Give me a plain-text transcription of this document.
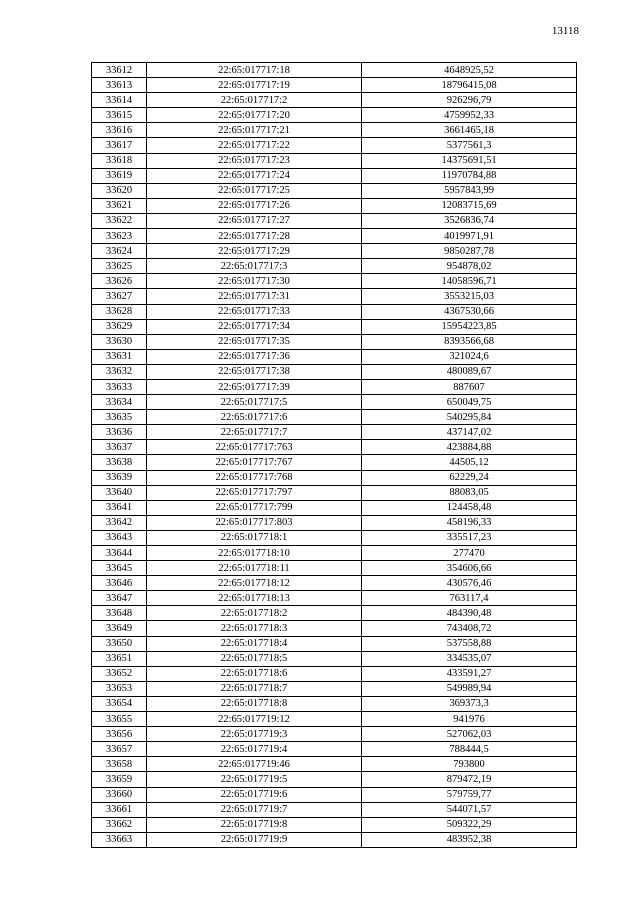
13118
33612	22:65:017717:18	4648925,52
33613	22:65:017717:19	18796415,08
33614	22:65:017717:2	926296,79
33615	22:65:017717:20	4759952,33
33616	22:65:017717:21	3661465,18
33617	22:65:017717:22	5377561,3
33618	22:65:017717:23	14375691,51
33619	22:65:017717:24	11970784,88
33620	22:65:017717:25	5957843,99
33621	22:65:017717:26	12083715,69
33622	22:65:017717:27	3526836,74
33623	22:65:017717:28	4019971,91
33624	22:65:017717:29	9850287,78
33625	22:65:017717:3	954878,02
33626	22:65:017717:30	14058596,71
33627	22:65:017717:31	3553215,03
33628	22:65:017717:33	4367530,66
33629	22:65:017717:34	15954223,85
33630	22:65:017717:35	8393566,68
33631	22:65:017717:36	321024,6
33632	22:65:017717:38	480089,67
33633	22:65:017717:39	887607
33634	22:65:017717:5	650049,75
33635	22:65:017717:6	540295,84
33636	22:65:017717:7	437147,02
33637	22:65:017717:763	423884,88
33638	22:65:017717:767	44505,12
33639	22:65:017717:768	62229,24
33640	22:65:017717:797	88083,05
33641	22:65:017717:799	124458,48
33642	22:65:017717:803	458196,33
33643	22:65:017718:1	335517,23
33644	22:65:017718:10	277470
33645	22:65:017718:11	354606,66
33646	22:65:017718:12	430576,46
33647	22:65:017718:13	763117,4
33648	22:65:017718:2	484390,48
33649	22:65:017718:3	743408,72
33650	22:65:017718:4	537558,88
33651	22:65:017718:5	334535,07
33652	22:65:017718:6	433591,27
33653	22:65:017718:7	549989,94
33654	22:65:017718:8	369373,3
33655	22:65:017719:12	941976
33656	22:65:017719:3	527062,03
33657	22:65:017719:4	788444,5
33658	22:65:017719:46	793800
33659	22:65:017719:5	879472,19
33660	22:65:017719:6	579759,77
33661	22:65:017719:7	544071,57
33662	22:65:017719:8	509322,29
33663	22:65:017719:9	483952,38
